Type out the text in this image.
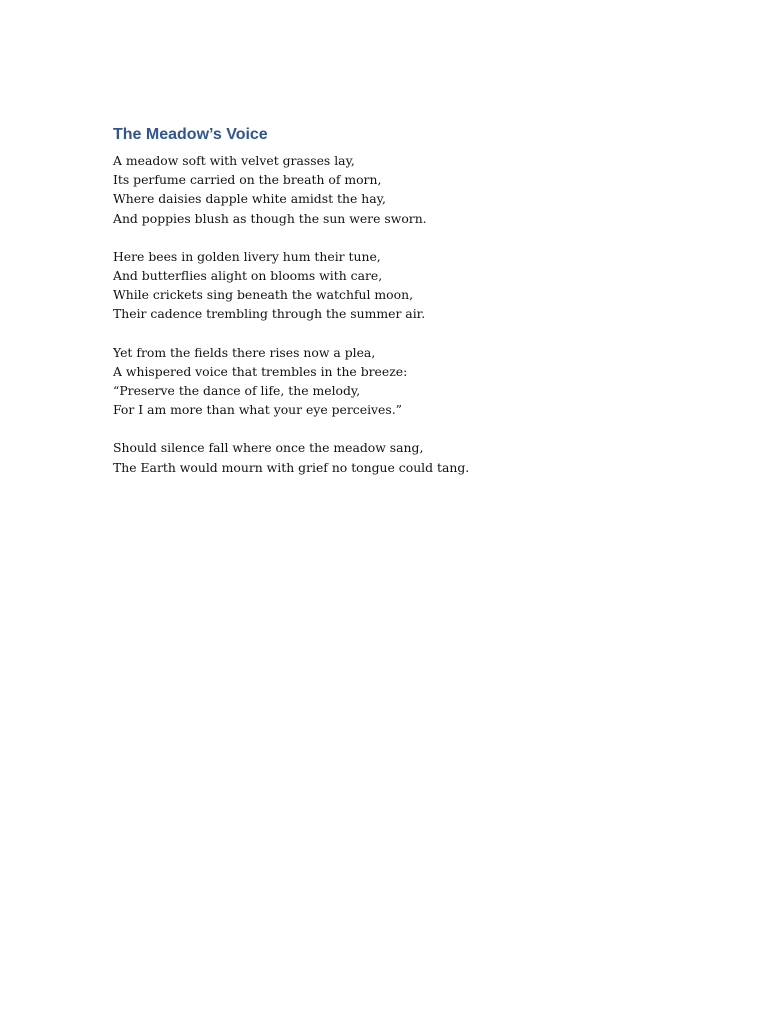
The Meadow’s Voice
A meadow soft with velvet grasses lay,
Its perfume carried on the breath of morn,
Where daisies dapple white amidst the hay,
And poppies blush as though the sun were sworn.
Here bees in golden livery hum their tune,
And butterflies alight on blooms with care,
While crickets sing beneath the watchful moon,
Their cadence trembling through the summer air.
Yet from the fields there rises now a plea,
A whispered voice that trembles in the breeze:
“Preserve the dance of life, the melody,
For I am more than what your eye perceives.”
Should silence fall where once the meadow sang,
The Earth would mourn with grief no tongue could tang.
